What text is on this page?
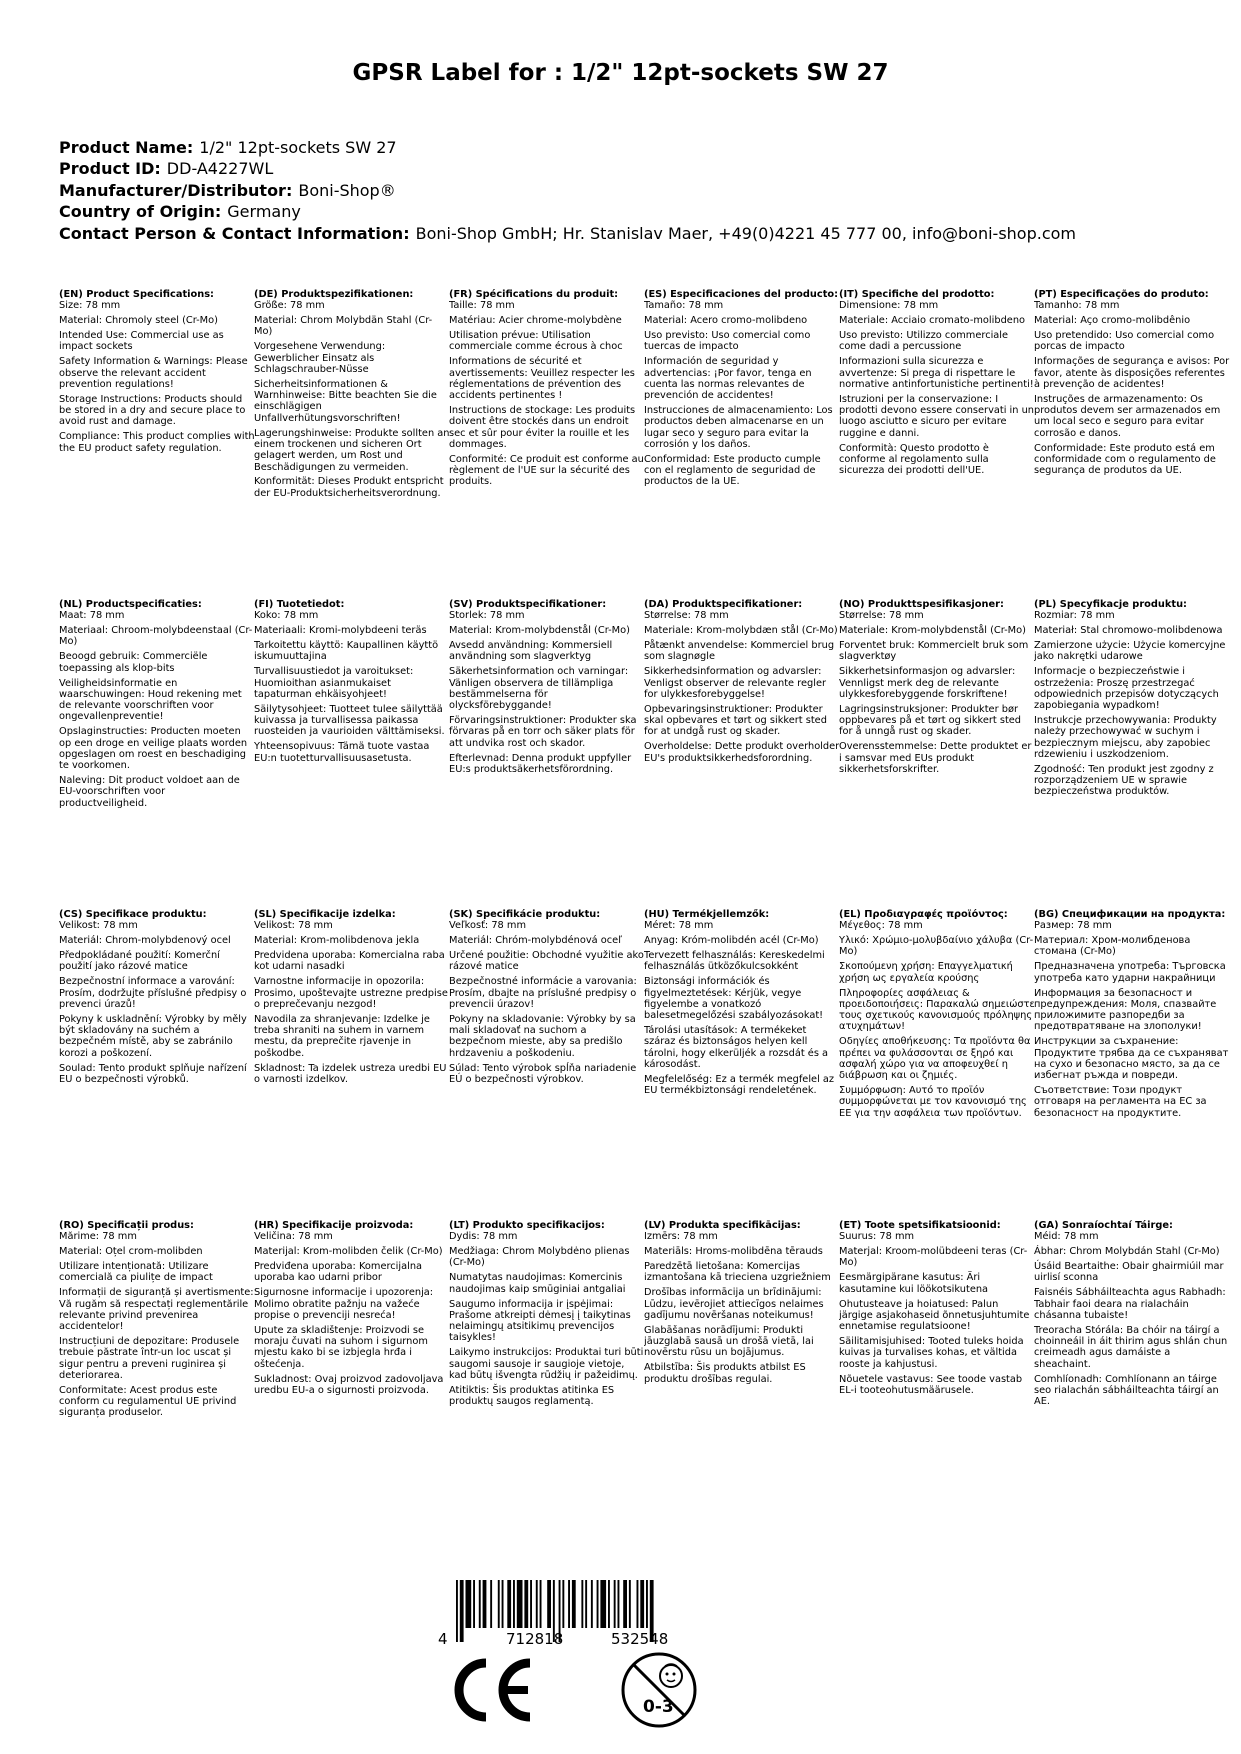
GPSR Label for : 1/2" 12pt-sockets SW 27
Product Name: 1/2" 12pt-sockets SW 27
Product ID: DD-A4227WL
Manufacturer/Distributor: Boni-Shop®
Country of Origin: Germany
Contact Person & Contact Information: Boni-Shop GmbH; Hr. Stanislav Maer, +49(0)4221 45 777 00, info@boni-shop.com
(EN) Product Specifications:
Size: 78 mm
Material: Chromoly steel (Cr-Mo)
Intended Use: Commercial use as impact sockets
Safety Information & Warnings: Please observe the relevant accident prevention regulations!
Storage Instructions: Products should be stored in a dry and secure place to avoid rust and damage.
Compliance: This product complies with the EU product safety regulation.
(DE) Produktspezifikationen:
Größe: 78 mm
Material: Chrom Molybdän Stahl (Cr-Mo)
Vorgesehene Verwendung: Gewerblicher Einsatz als Schlagschrauber-Nüsse
Sicherheitsinformationen & Warnhinweise: Bitte beachten Sie die einschlägigen Unfallverhütungsvorschriften!
Lagerungshinweise: Produkte sollten an einem trockenen und sicheren Ort gelagert werden, um Rost und Beschädigungen zu vermeiden.
Konformität: Dieses Produkt entspricht der EU-Produktsicherheitsverordnung.
(FR) Spécifications du produit:
Taille: 78 mm
Matériau: Acier chrome-molybdène
Utilisation prévue: Utilisation commerciale comme écrous à choc
Informations de sécurité et avertissements: Veuillez respecter les réglementations de prévention des accidents pertinentes !
Instructions de stockage: Les produits doivent être stockés dans un endroit sec et sûr pour éviter la rouille et les dommages.
Conformité: Ce produit est conforme au règlement de l'UE sur la sécurité des produits.
(ES) Especificaciones del producto:
Tamaño: 78 mm
Material: Acero cromo-molibdeno
Uso previsto: Uso comercial como tuercas de impacto
Información de seguridad y advertencias: ¡Por favor, tenga en cuenta las normas relevantes de prevención de accidentes!
Instrucciones de almacenamiento: Los productos deben almacenarse en un lugar seco y seguro para evitar la corrosión y los daños.
Conformidad: Este producto cumple con el reglamento de seguridad de productos de la UE.
(IT) Specifiche del prodotto:
Dimensione: 78 mm
Materiale: Acciaio cromato-molibdeno
Uso previsto: Utilizzo commerciale come dadi a percussione
Informazioni sulla sicurezza e avvertenze: Si prega di rispettare le normative antinfortunistiche pertinenti!
Istruzioni per la conservazione: I prodotti devono essere conservati in un luogo asciutto e sicuro per evitare ruggine e danni.
Conformità: Questo prodotto è conforme al regolamento sulla sicurezza dei prodotti dell'UE.
(PT) Especificações do produto:
Tamanho: 78 mm
Material: Aço cromo-molibdênio
Uso pretendido: Uso comercial como porcas de impacto
Informações de segurança e avisos: Por favor, atente às disposições referentes à prevenção de acidentes!
Instruções de armazenamento: Os produtos devem ser armazenados em um local seco e seguro para evitar corrosão e danos.
Conformidade: Este produto está em conformidade com o regulamento de segurança de produtos da UE.
(NL) Productspecificaties:
Maat: 78 mm
Materiaal: Chroom-molybdeenstaal (Cr-Mo)
Beoogd gebruik: Commerciële toepassing als klop-bits
Veiligheidsinformatie en waarschuwingen: Houd rekening met de relevante voorschriften voor ongevallenpreventie!
Opslaginstructies: Producten moeten op een droge en veilige plaats worden opgeslagen om roest en beschadiging te voorkomen.
Naleving: Dit product voldoet aan de EU-voorschriften voor productveiligheid.
(FI) Tuotetiedot:
Koko: 78 mm
Materiaali: Kromi-molybdeeni teräs
Tarkoitettu käyttö: Kaupallinen käyttö iskumuuttajina
Turvallisuustiedot ja varoitukset: Huomioithan asianmukaiset tapaturman ehkäisyohjeet!
Säilytysohjeet: Tuotteet tulee säilyttää kuivassa ja turvallisessa paikassa ruosteiden ja vaurioiden välttämiseksi.
Yhteensopivuus: Tämä tuote vastaa EU:n tuotetturvallisuusasetusta.
(SV) Produktspecifikationer:
Storlek: 78 mm
Material: Krom-molybdenstål (Cr-Mo)
Avsedd användning: Kommersiell användning som slagverktyg
Säkerhetsinformation och varningar: Vänligen observera de tillämpliga bestämmelserna för olycksförebyggande!
Förvaringsinstruktioner: Produkter ska förvaras på en torr och säker plats för att undvika rost och skador.
Efterlevnad: Denna produkt uppfyller EU:s produktsäkerhetsförordning.
(DA) Produktspecifikationer:
Størrelse: 78 mm
Materiale: Krom-molybdæn stål (Cr-Mo)
Påtænkt anvendelse: Kommerciel brug som slagnøgle
Sikkerhedsinformation og advarsler: Venligst observer de relevante regler for ulykkesforebyggelse!
Opbevaringsinstruktioner: Produkter skal opbevares et tørt og sikkert sted for at undgå rust og skader.
Overholdelse: Dette produkt overholder EU's produktsikkerhedsforordning.
(NO) Produkttspesifikasjoner:
Størrelse: 78 mm
Materiale: Krom-molybdenstål (Cr-Mo)
Forventet bruk: Kommercielt bruk som slagverktøy
Sikkerhetsinformasjon og advarsler: Vennligst merk deg de relevante ulykkesforebyggende forskriftene!
Lagringsinstruksjoner: Produkter bør oppbevares på et tørt og sikkert sted for å unngå rust og skader.
Overensstemmelse: Dette produktet er i samsvar med EUs produkt sikkerhetsforskrifter.
(PL) Specyfikacje produktu:
Rozmiar: 78 mm
Materiał: Stal chromowo-molibdenowa
Zamierzone użycie: Użycie komercyjne jako nakrętki udarowe
Informacje o bezpieczeństwie i ostrzeżenia: Proszę przestrzegać odpowiednich przepisów dotyczących zapobiegania wypadkom!
Instrukcje przechowywania: Produkty należy przechowywać w suchym i bezpiecznym miejscu, aby zapobiec rdzewieniu i uszkodzeniom.
Zgodność: Ten produkt jest zgodny z rozporządzeniem UE w sprawie bezpieczeństwa produktów.
(CS) Specifikace produktu:
Velikost: 78 mm
Materiál: Chrom-molybdenový ocel
Předpokládané použití: Komerční použití jako rázové matice
Bezpečnostní informace a varování: Prosím, dodržujte příslušné předpisy o prevenci úrazů!
Pokyny k uskladnění: Výrobky by měly být skladovány na suchém a bezpečném místě, aby se zabránilo korozi a poškození.
Soulad: Tento produkt splňuje nařízení EU o bezpečnosti výrobků.
(SL) Specifikacije izdelka:
Velikost: 78 mm
Material: Krom-molibdenova jekla
Predvidena uporaba: Komercialna raba kot udarni nasadki
Varnostne informacije in opozorila: Prosimo, upoštevajte ustrezne predpise o preprečevanju nezgod!
Navodila za shranjevanje: Izdelke je treba shraniti na suhem in varnem mestu, da preprečite rjavenje in poškodbe.
Skladnost: Ta izdelek ustreza uredbi EU o varnosti izdelkov.
(SK) Špecifikácie produktu:
Veľkosť: 78 mm
Materiál: Chróm-molybdénová oceľ
Určené použitie: Obchodné využitie ako rázové matice
Bezpečnostné informácie a varovania: Prosím, dbajte na príslušné predpisy o prevencii úrazov!
Pokyny na skladovanie: Výrobky by sa mali skladovať na suchom a bezpečnom mieste, aby sa predišlo hrdzaveniu a poškodeniu.
Súlad: Tento výrobok spĺňa nariadenie EÚ o bezpečnosti výrobkov.
(HU) Termékjellemzők:
Méret: 78 mm
Anyag: Króm-molibdén acél (Cr-Mo)
Tervezett felhasználás: Kereskedelmi felhasználás ütközőkulcsokként
Biztonsági információk és figyelmeztetések: Kérjük, vegye figyelembe a vonatkozó balesetmegelőzési szabályozásokat!
Tárolási utasítások: A termékeket száraz és biztonságos helyen kell tárolni, hogy elkerüljék a rozsdát és a károsodást.
Megfelelőség: Ez a termék megfelel az EU termékbiztonsági rendeletének.
(EL) Προδιαγραφές προϊόντος:
Μέγεθος: 78 mm
Υλικό: Χρώμιο-μολυβδαίνιο χάλυβα (Cr-Mo)
Σκοπούμενη χρήση: Επαγγελματική χρήση ως εργαλεία κρούσης
Πληροφορίες ασφάλειας & προειδοποιήσεις: Παρακαλώ σημειώστε τους σχετικούς κανονισμούς πρόληψης ατυχημάτων!
Οδηγίες αποθήκευσης: Τα προϊόντα θα πρέπει να φυλάσσονται σε ξηρό και ασφαλή χώρο για να αποφευχθεί η διάβρωση και οι ζημιές.
Συμμόρφωση: Αυτό το προϊόν συμμορφώνεται με τον κανονισμό της ΕΕ για την ασφάλεια των προϊόντων.
(BG) Спецификации на продукта:
Размер: 78 mm
Материал: Хром-молибденова стомана (Cr-Mo)
Предназначена употреба: Търговска употреба като ударни накрайници
Информация за безопасност и предупреждения: Моля, спазвайте приложимите разпоредби за предотвратяване на злополуки!
Инструкции за съхранение: Продуктите трябва да се съхраняват на сухо и безопасно място, за да се избегнат ръжда и повреди.
Съответствие: Този продукт отговаря на регламента на ЕС за безопасност на продуктите.
(RO) Specificații produs:
Mărime: 78 mm
Material: Oțel crom-molibden
Utilizare intenționată: Utilizare comercială ca piulițe de impact
Informații de siguranță și avertismente: Vă rugăm să respectați reglementările relevante privind prevenirea accidentelor!
Instrucțiuni de depozitare: Produsele trebuie păstrate într-un loc uscat și sigur pentru a preveni ruginirea și deteriorarea.
Conformitate: Acest produs este conform cu regulamentul UE privind siguranța produselor.
(HR) Specifikacije proizvoda:
Veličina: 78 mm
Materijal: Krom-molibden čelik (Cr-Mo)
Predviđena uporaba: Komercijalna uporaba kao udarni pribor
Sigurnosne informacije i upozorenja: Molimo obratite pažnju na važeće propise o prevenciji nesreća!
Upute za skladištenje: Proizvodi se moraju čuvati na suhom i sigurnom mjestu kako bi se izbjegla hrđa i oštećenja.
Sukladnost: Ovaj proizvod zadovoljava uredbu EU-a o sigurnosti proizvoda.
(LT) Produkto specifikacijos:
Dydis: 78 mm
Medžiaga: Chrom Molybdėno plienas (Cr-Mo)
Numatytas naudojimas: Komercinis naudojimas kaip smūginiai antgaliai
Saugumo informacija ir įspėjimai: Prašome atkreipti dėmesį į taikytinas nelaimingų atsitikimų prevencijos taisykles!
Laikymo instrukcijos: Produktai turi būti saugomi sausoje ir saugioje vietoje, kad būtų išvengta rūdžių ir pažeidimų.
Atitiktis: Šis produktas atitinka ES produktų saugos reglamentą.
(LV) Produkta specifikācijas:
Izmērs: 78 mm
Materiāls: Hroms-molibdēna tērauds
Paredzētā lietošana: Komercijas izmantošana kā trieciena uzgriežniem
Drošības informācija un brīdinājumi: Lūdzu, ievērojiet attiecīgos nelaimes gadījumu novēršanas noteikumus!
Glabāšanas norādījumi: Produkti jāuzglabā sausā un drošā vietā, lai novērstu rūsu un bojājumus.
Atbilstība: Šis produkts atbilst ES produktu drošības regulai.
(ET) Toote spetsifikatsioonid:
Suurus: 78 mm
Materjal: Kroom-molübdeeni teras (Cr-Mo)
Eesmärgipärane kasutus: Äri kasutamine kui löökotsikutena
Ohutusteave ja hoiatused: Palun järgige asjakohaseid õnnetusjuhtumite ennetamise regulatsioone!
Säilitamisjuhised: Tooted tuleks hoida kuivas ja turvalises kohas, et vältida rooste ja kahjustusi.
Nõuetele vastavus: See toode vastab EL-i tooteohutusmäärusele.
(GA) Sonraíochtaí Táirge:
Méid: 78 mm
Ábhar: Chrom Molybdán Stahl (Cr-Mo)
Úsáid Beartaithe: Obair ghairmiúil mar uirlisí sconna
Faisnéis Sábháilteachta agus Rabhadh: Tabhair faoi deara na rialacháin chásanna tubaiste!
Treoracha Stórála: Ba chóir na táirgí a choinneáil in áit thirim agus shlán chun creimeadh agus damáiste a sheachaint.
Comhlíonadh: Comhlíonann an táirge seo rialachán sábháilteachta táirgí an AE.
4	712818	532548
0-3
